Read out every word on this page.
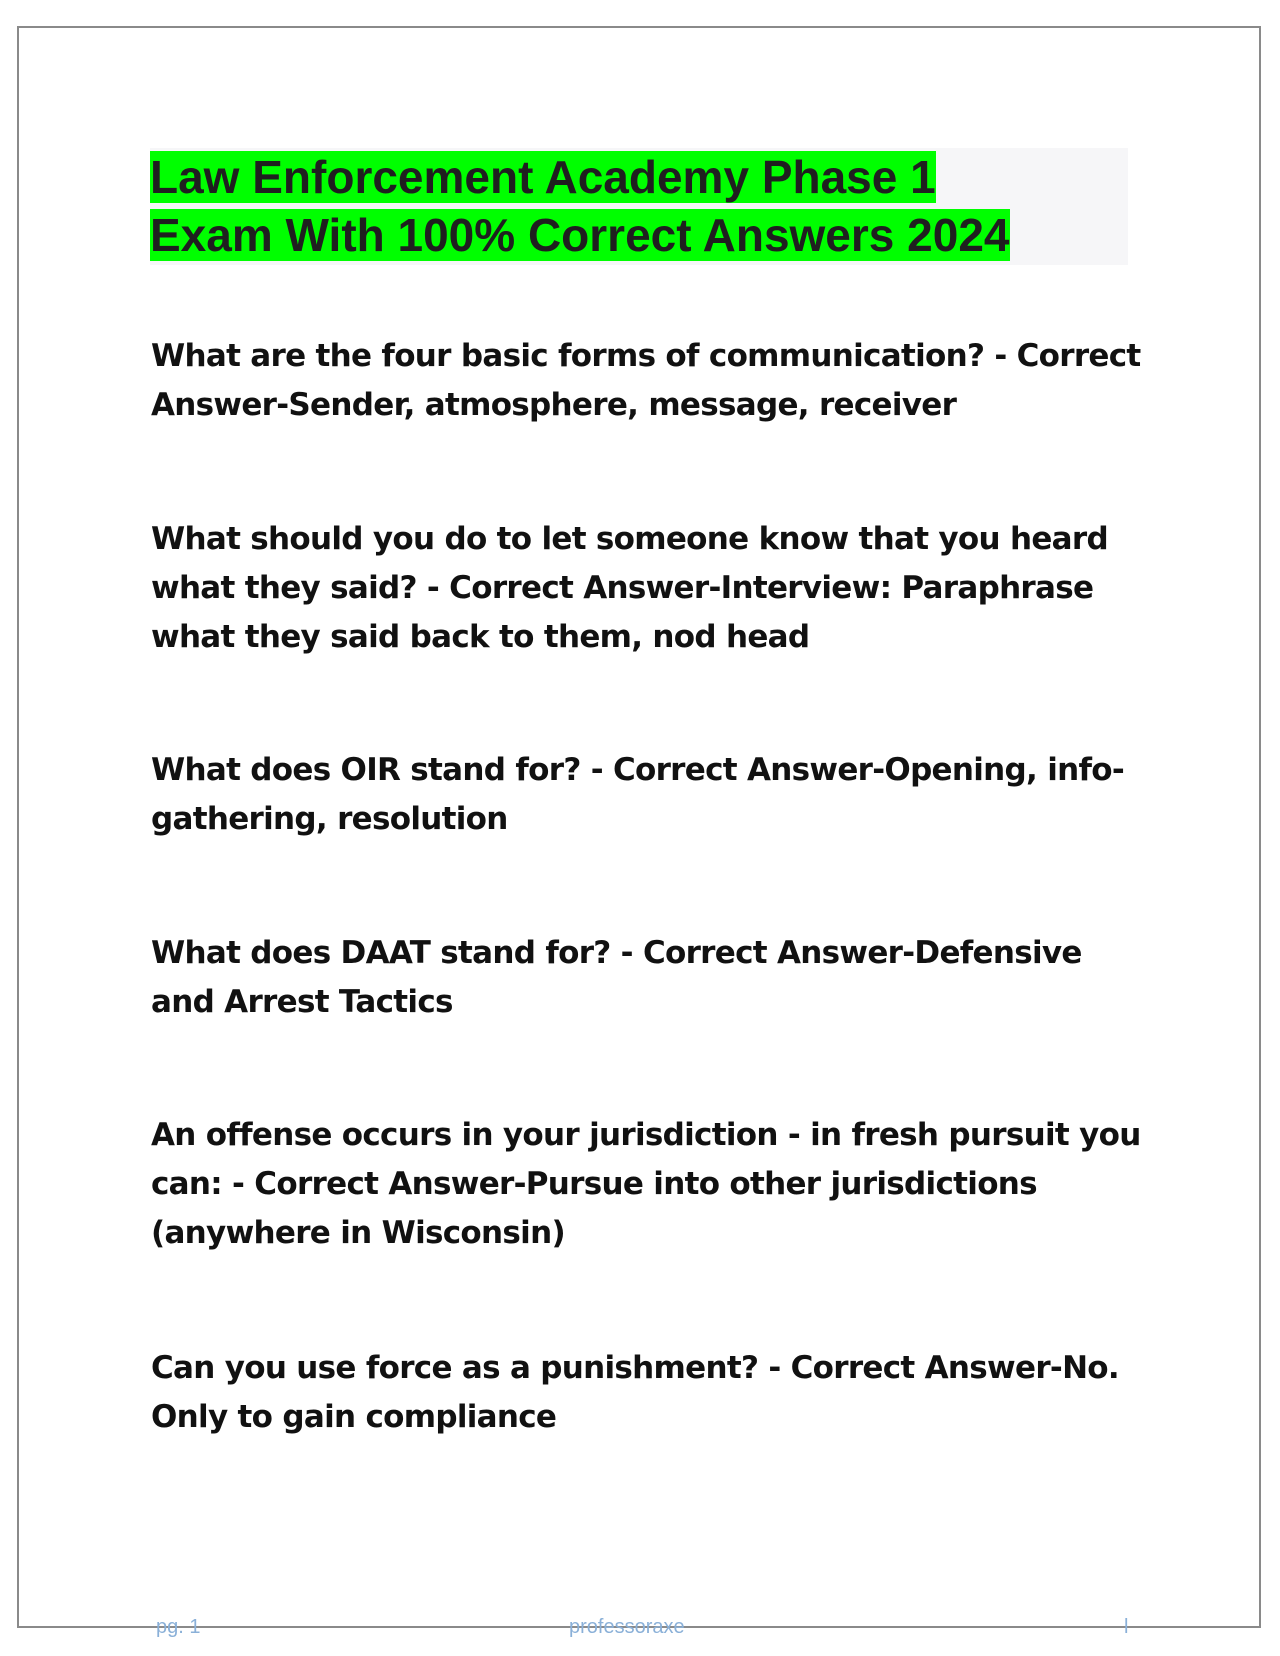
Law Enforcement Academy Phase 1
Exam With 100% Correct Answers 2024

What are the four basic forms of communication? - Correct Answer-Sender, atmosphere, message, receiver

What should you do to let someone know that you heard what they said? - Correct Answer-Interview: Paraphrase what they said back to them, nod head

What does OIR stand for? - Correct Answer-Opening, info-gathering, resolution

What does DAAT stand for? - Correct Answer-Defensive and Arrest Tactics

An offense occurs in your jurisdiction - in fresh pursuit you can: - Correct Answer-Pursue into other jurisdictions (anywhere in Wisconsin)

Can you use force as a punishment? - Correct Answer-No. Only to gain compliance

pg. 1	professoraxe	l
